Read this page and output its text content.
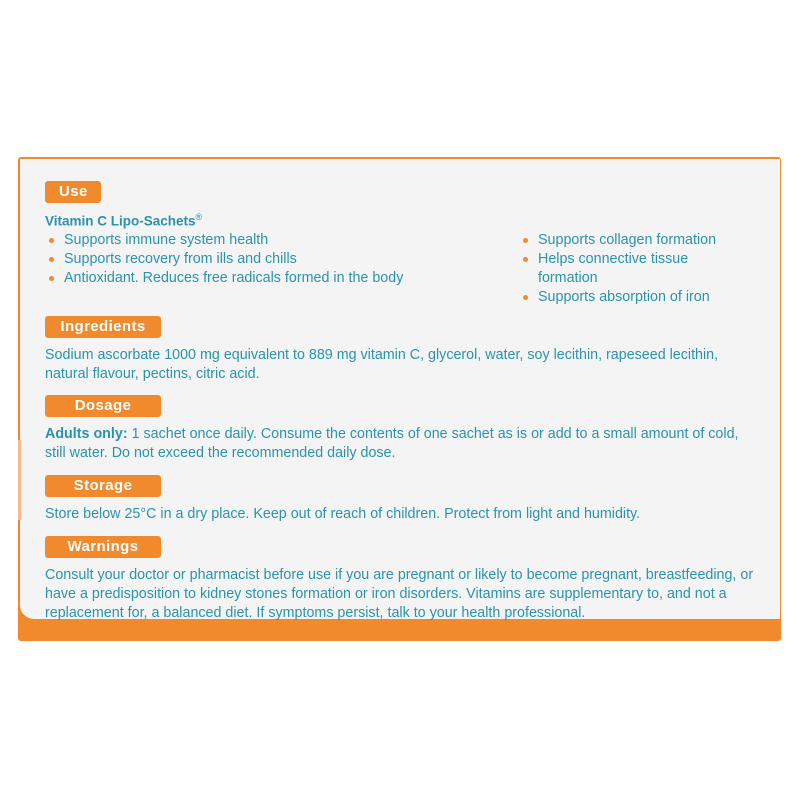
Use
Vitamin C Lipo-Sachets®
Supports immune system health
Supports recovery from ills and chills
Antioxidant. Reduces free radicals formed in the body
Supports collagen formation
Helps connective tissue formation
Supports absorption of iron
Ingredients

Sodium ascorbate 1000 mg equivalent to 889 mg vitamin C, glycerol, water, soy lecithin, rapeseed lecithin, natural flavour, pectins, citric acid.

Dosage

Adults only: 1 sachet once daily. Consume the contents of one sachet as is or add to a small amount of cold, still water. Do not exceed the recommended daily dose.

Storage

Store below 25°C in a dry place. Keep out of reach of children. Protect from light and humidity.

Warnings

Consult your doctor or pharmacist before use if you are pregnant or likely to become pregnant, breastfeeding, or have a predisposition to kidney stones formation or iron disorders. Vitamins are supplementary to, and not a replacement for, a balanced diet. If symptoms persist, talk to your health professional.
